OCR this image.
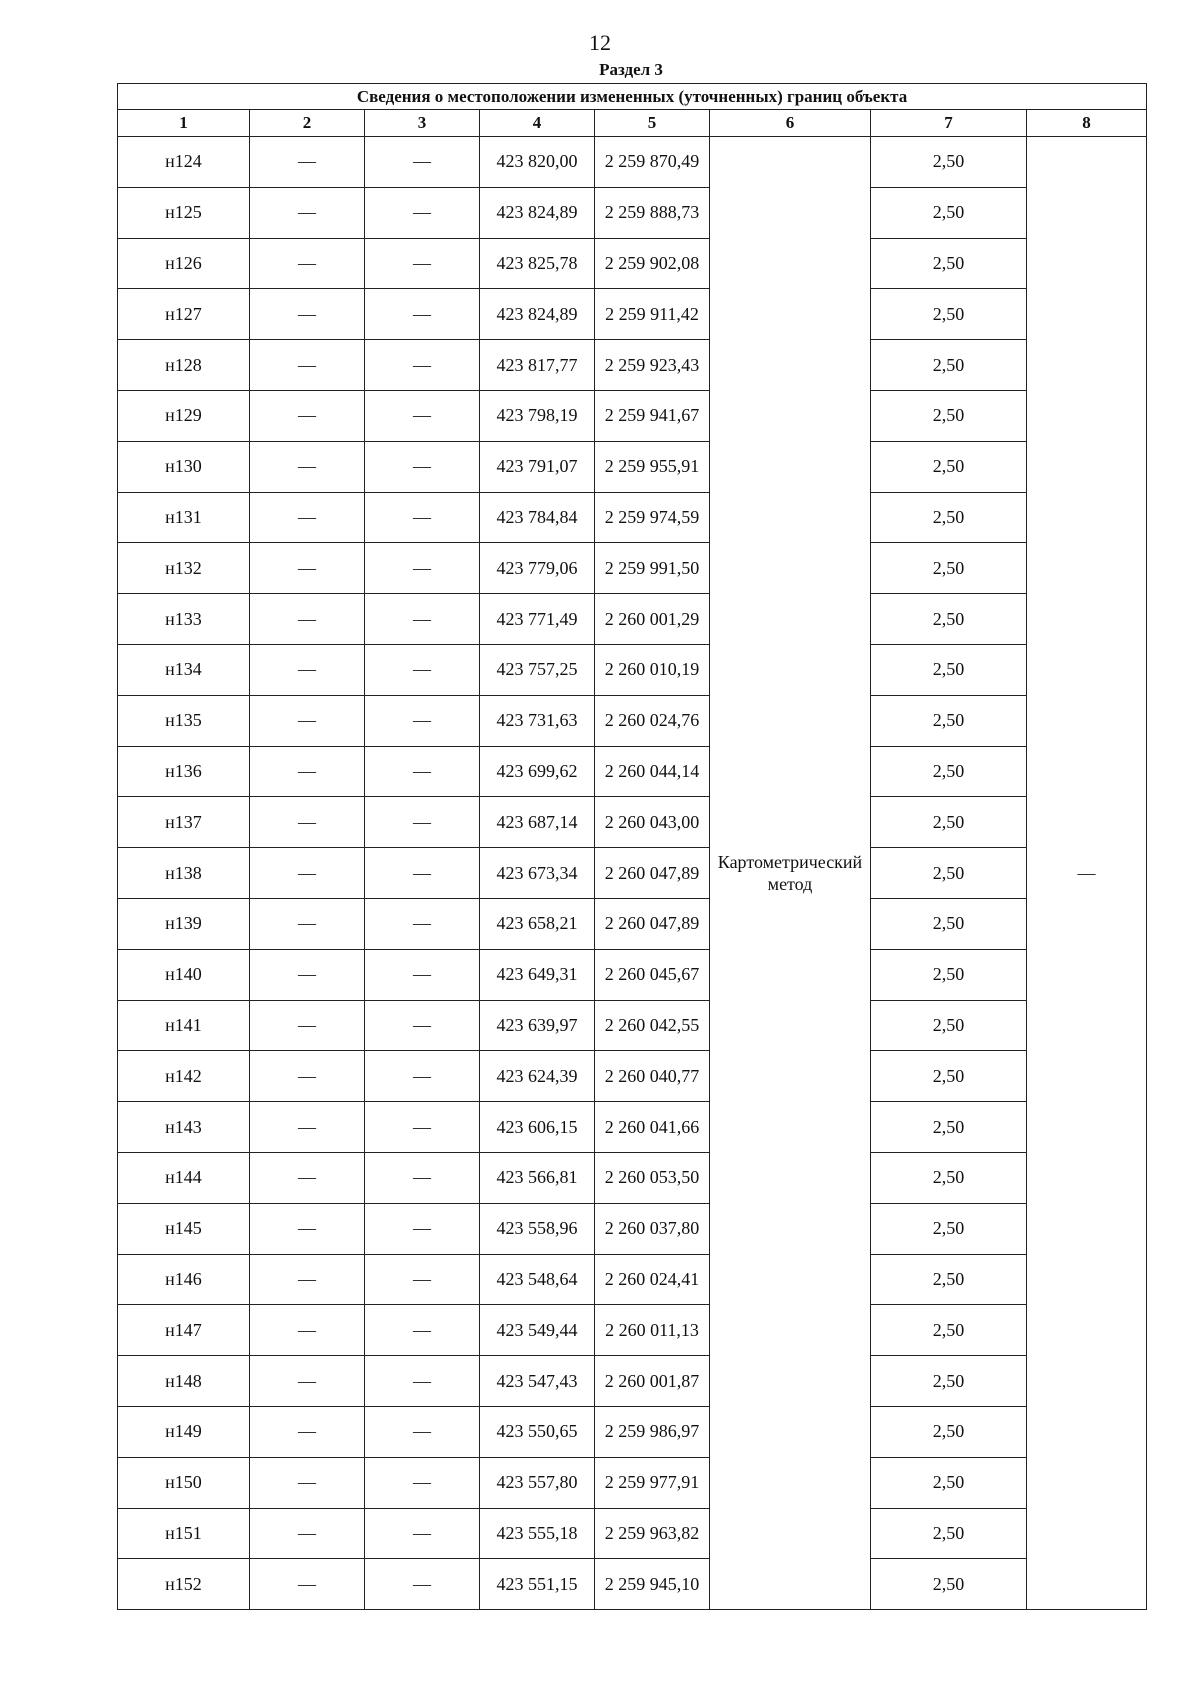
12
Раздел 3
Сведения о местоположении измененных (уточненных) границ объекта							
1	2	3	4	5	6	7	8
н124	—	—	423 820,00	2 259 870,49	Картометрический метод	2,50	—
н125	—	—	423 824,89	2 259 888,73		2,50	
н126	—	—	423 825,78	2 259 902,08		2,50	
н127	—	—	423 824,89	2 259 911,42		2,50	
н128	—	—	423 817,77	2 259 923,43		2,50	
н129	—	—	423 798,19	2 259 941,67		2,50	
н130	—	—	423 791,07	2 259 955,91		2,50	
н131	—	—	423 784,84	2 259 974,59		2,50	
н132	—	—	423 779,06	2 259 991,50		2,50	
н133	—	—	423 771,49	2 260 001,29		2,50	
н134	—	—	423 757,25	2 260 010,19		2,50	
н135	—	—	423 731,63	2 260 024,76		2,50	
н136	—	—	423 699,62	2 260 044,14		2,50	
н137	—	—	423 687,14	2 260 043,00		2,50	
н138	—	—	423 673,34	2 260 047,89		2,50	
н139	—	—	423 658,21	2 260 047,89		2,50	
н140	—	—	423 649,31	2 260 045,67		2,50	
н141	—	—	423 639,97	2 260 042,55		2,50	
н142	—	—	423 624,39	2 260 040,77		2,50	
н143	—	—	423 606,15	2 260 041,66		2,50	
н144	—	—	423 566,81	2 260 053,50		2,50	
н145	—	—	423 558,96	2 260 037,80		2,50	
н146	—	—	423 548,64	2 260 024,41		2,50	
н147	—	—	423 549,44	2 260 011,13		2,50	
н148	—	—	423 547,43	2 260 001,87		2,50	
н149	—	—	423 550,65	2 259 986,97		2,50	
н150	—	—	423 557,80	2 259 977,91		2,50	
н151	—	—	423 555,18	2 259 963,82		2,50	
н152	—	—	423 551,15	2 259 945,10		2,50	
